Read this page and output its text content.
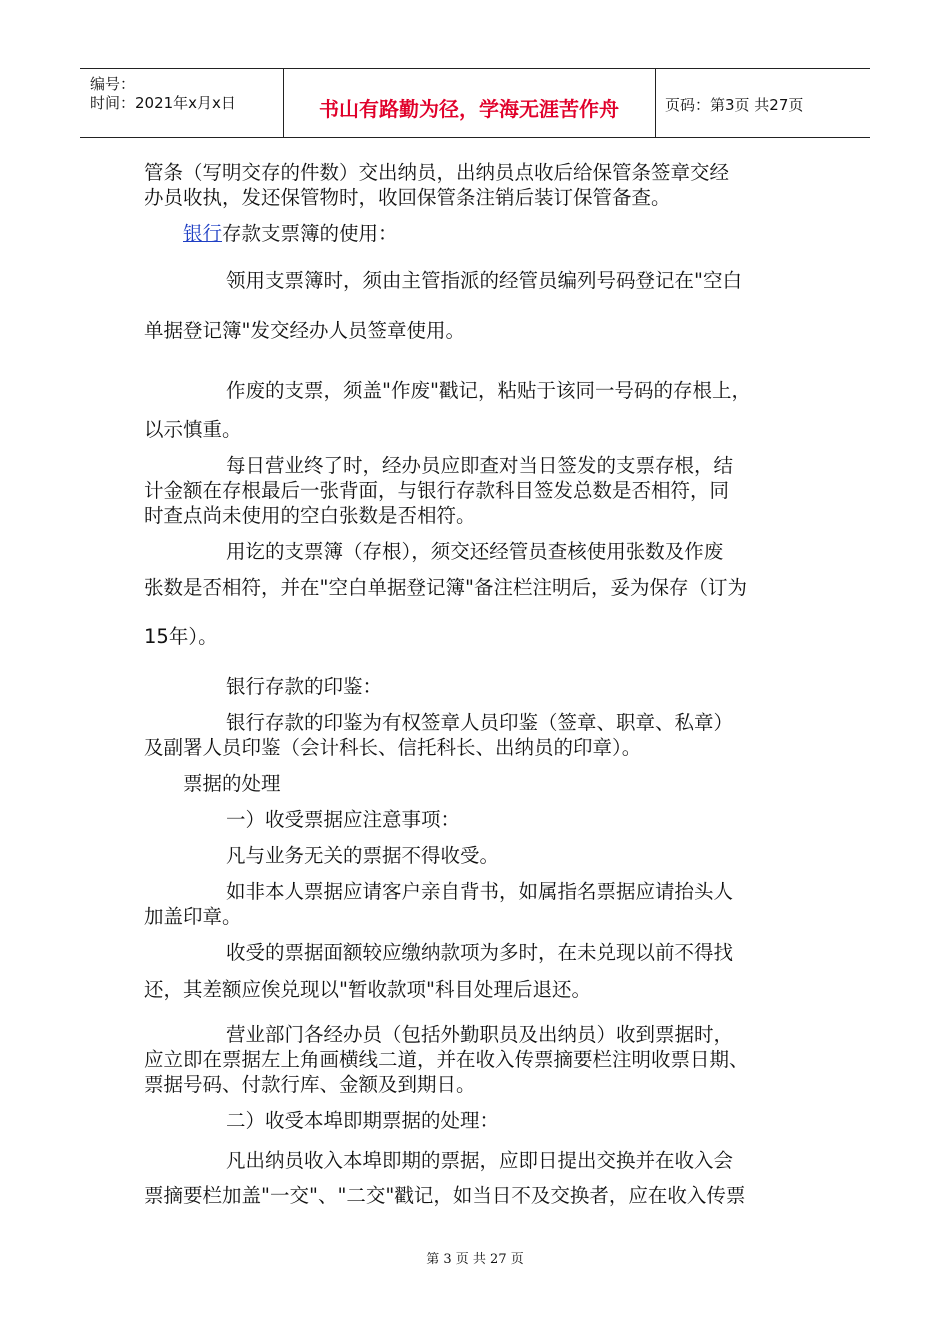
编号：
时间：2021年x月x日	书山有路勤为径，学海无涯苦作舟	页码：第3页 共27页
管条（写明交存的件数）交出纳员，出纳员点收后给保管条签章交经
办员收执，发还保管物时，收回保管条注销后装订保管备查。
银行存款支票簿的使用：
领用支票簿时，须由主管指派的经管员编列号码登记在"空白
单据登记簿"发交经办人员签章使用。
作废的支票，须盖"作废"戳记，粘贴于该同一号码的存根上，
以示慎重。
每日营业终了时，经办员应即查对当日签发的支票存根，结
计金额在存根最后一张背面，与银行存款科目签发总数是否相符，同
时查点尚未使用的空白张数是否相符。
用讫的支票簿（存根），须交还经管员查核使用张数及作废
张数是否相符，并在"空白单据登记簿"备注栏注明后，妥为保存（订为
15年）。
银行存款的印鉴：
银行存款的印鉴为有权签章人员印鉴（签章、职章、私章）
及副署人员印鉴（会计科长、信托科长、出纳员的印章）。
票据的处理
一）收受票据应注意事项：
凡与业务无关的票据不得收受。
如非本人票据应请客户亲自背书，如属指名票据应请抬头人
加盖印章。
收受的票据面额较应缴纳款项为多时，在未兑现以前不得找
还，其差额应俟兑现以"暂收款项"科目处理后退还。
营业部门各经办员（包括外勤职员及出纳员）收到票据时，
应立即在票据左上角画横线二道，并在收入传票摘要栏注明收票日期、
票据号码、付款行库、金额及到期日。
二）收受本埠即期票据的处理：
凡出纳员收入本埠即期的票据，应即日提出交换并在收入会
票摘要栏加盖"一交"、"二交"戳记，如当日不及交换者，应在收入传票
第 3 页 共 27 页
